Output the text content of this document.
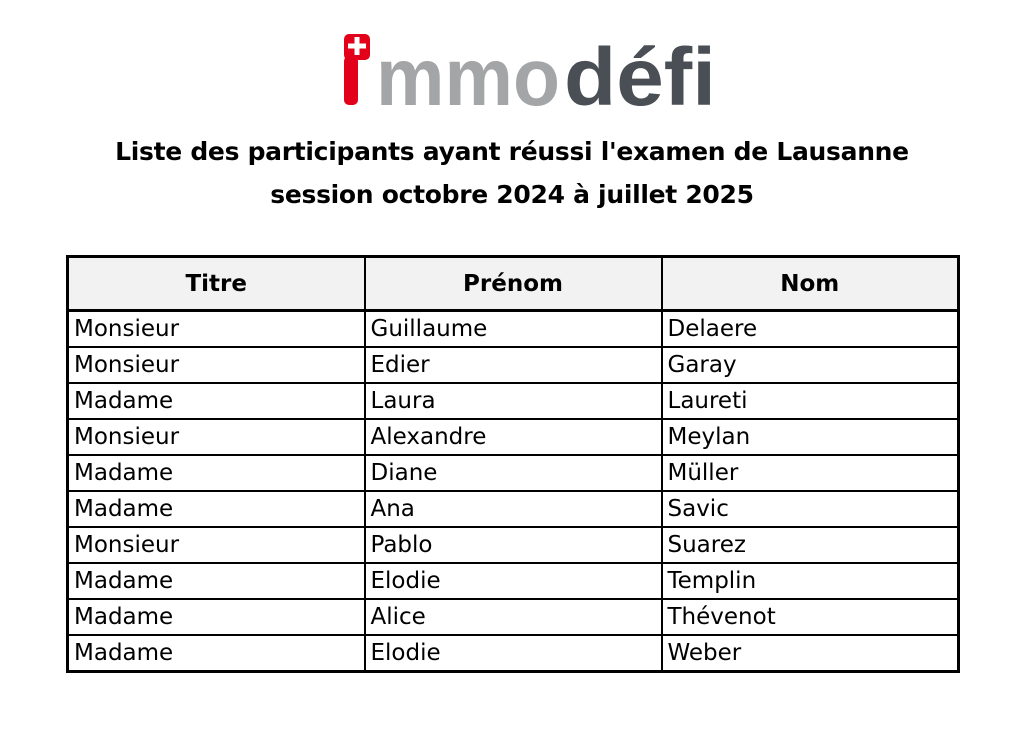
mmo défi
Liste des participants ayant réussi l'examen de Lausanne
session octobre 2024 à juillet 2025
Titre	Prénom	Nom
Monsieur	Guillaume	Delaere
Monsieur	Edier	Garay
Madame	Laura	Laureti
Monsieur	Alexandre	Meylan
Madame	Diane	Müller
Madame	Ana	Savic
Monsieur	Pablo	Suarez
Madame	Elodie	Templin
Madame	Alice	Thévenot
Madame	Elodie	Weber
